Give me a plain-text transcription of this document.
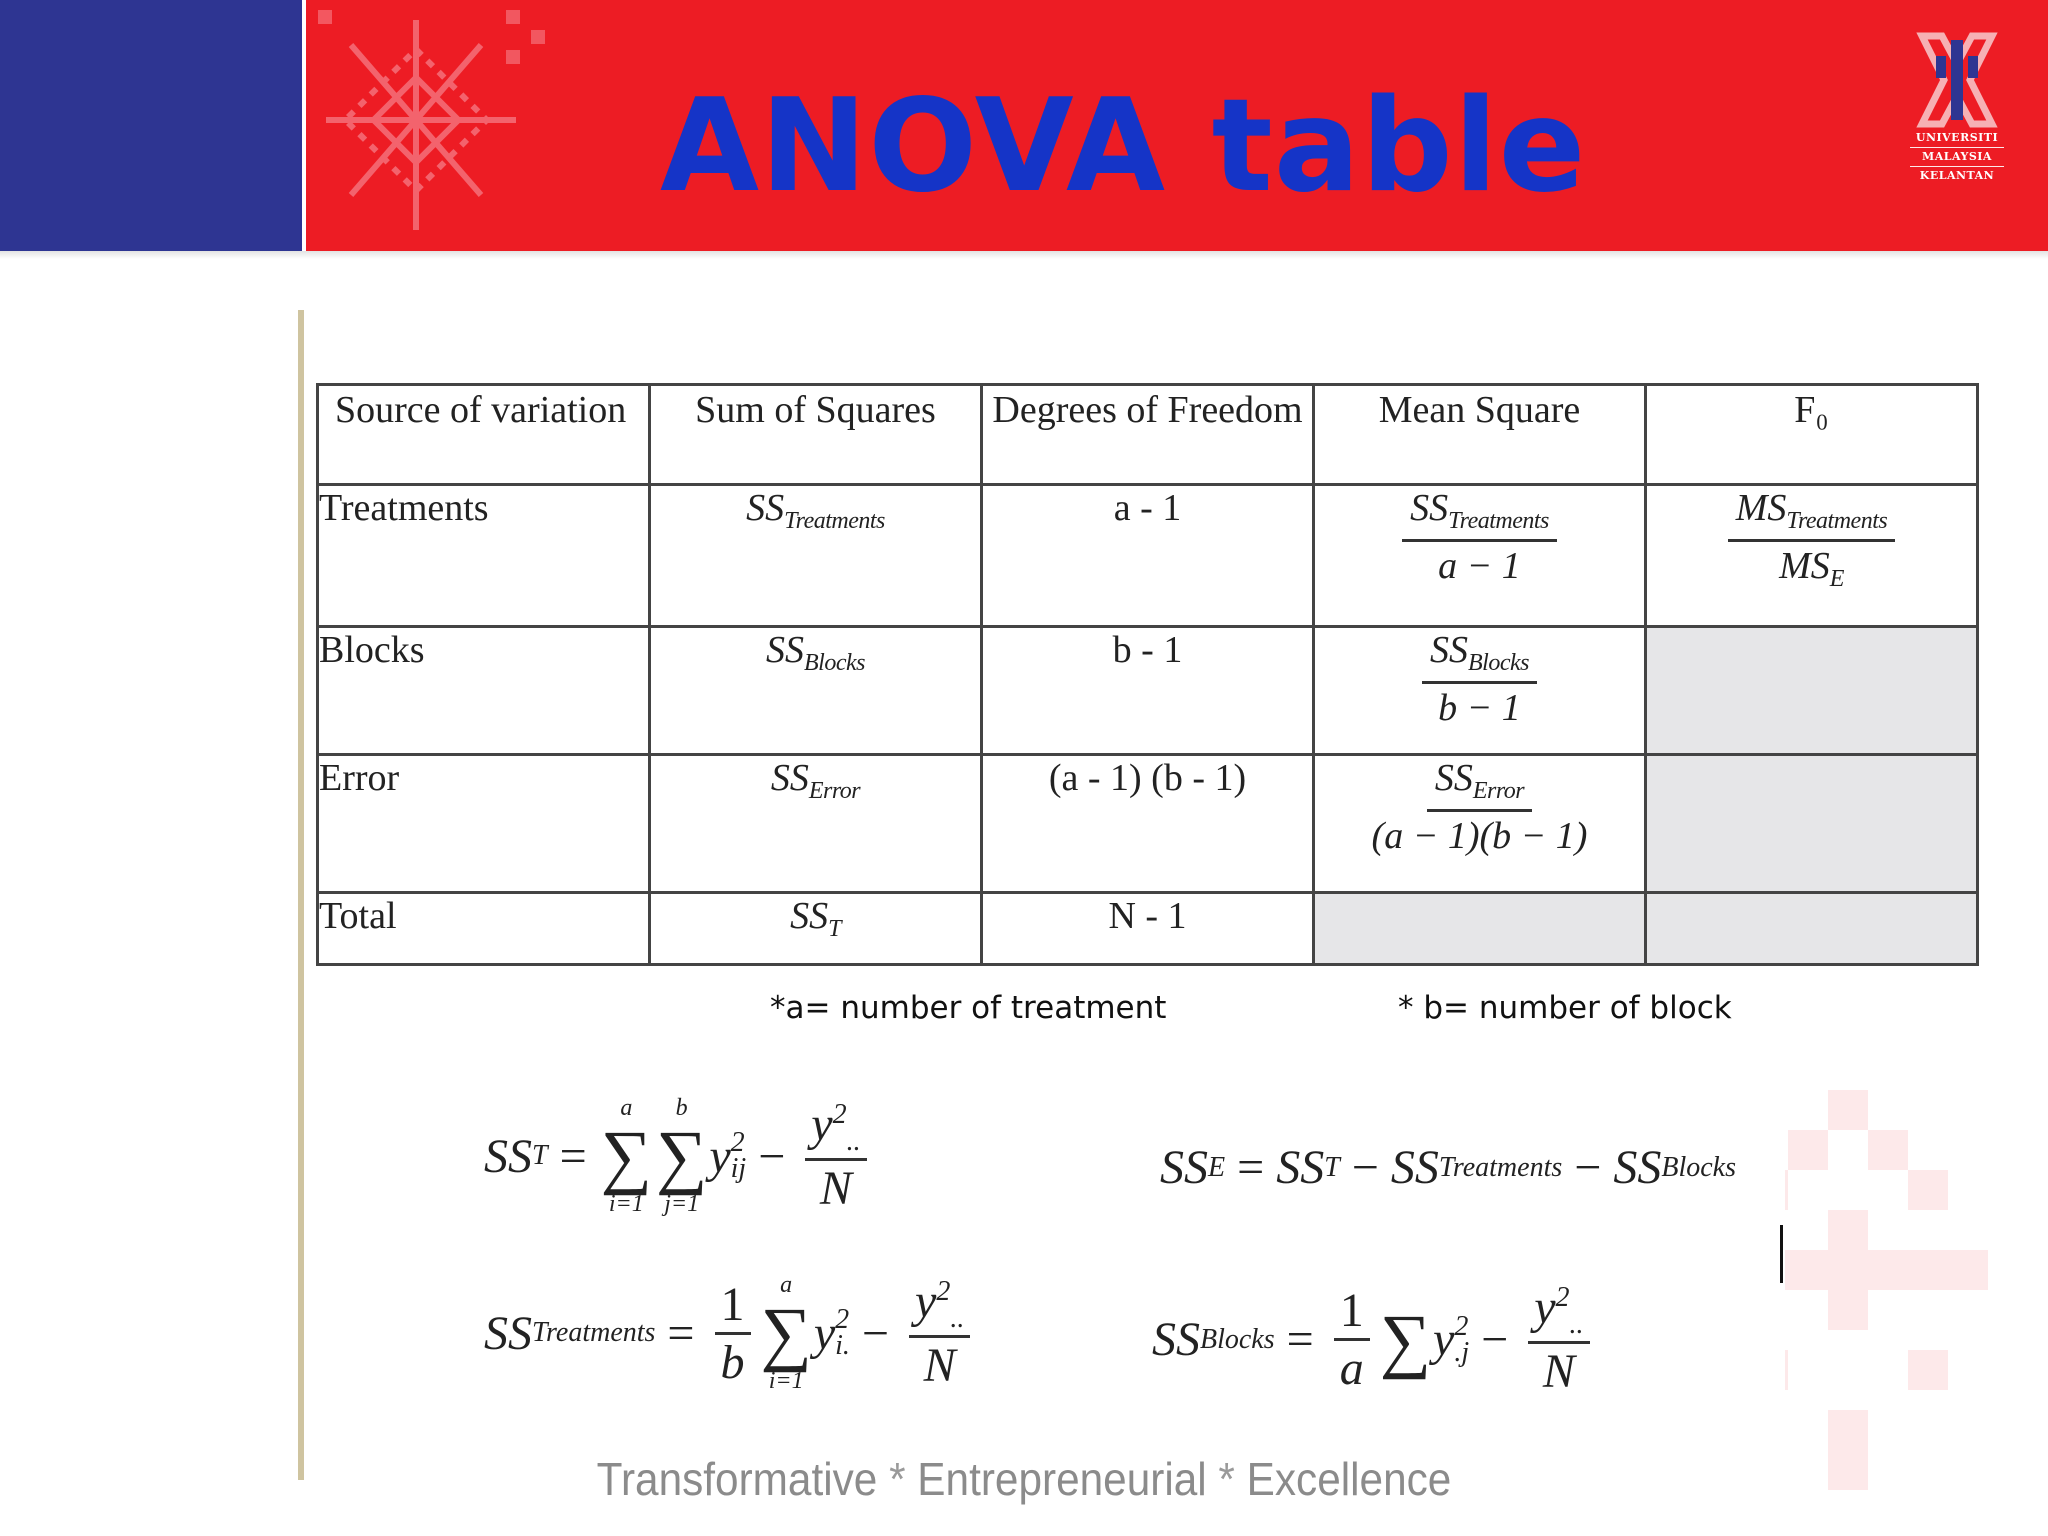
ANOVA table	UNIVERSITI
MALAYSIA
KELANTAN
Source of variation	Sum of Squares	Degrees of Freedom	Mean Square	F₀
Treatments	$SS_{Treatments}$	a - 1	$\frac{SS_{Treatments}}{a - 1}$	$\frac{MS_{Treatments}}{MS_E}$

Blocks	$SS_{Blocks}$	b - 1	$\frac{SS_{Blocks}}{b - 1}$

Error	$SS_{Error}$	(a - 1) (b - 1)	$\frac{SS_{Error}}{(a - 1)(b - 1)}$

Total	$SS_T$	N - 1		
*a= number of treatment	* b= number of block
SS T =
a
∑
i=1
b
∑
j=1
y 2
ij − $\frac{y^2_{..}}{N}$	SS E = SS T − SS Treatments − SS Blocks
SS Treatments = $\frac{1}{b}$ a
∑
i=1
y 2
i. − $\frac{y^2_{..}}{N}$	SS Blocks = $\frac{1}{a}$ ∑ y 2
$.j - \frac{y^2_{..}}{N}$
Transformative * Entrepreneurial * Excellence
